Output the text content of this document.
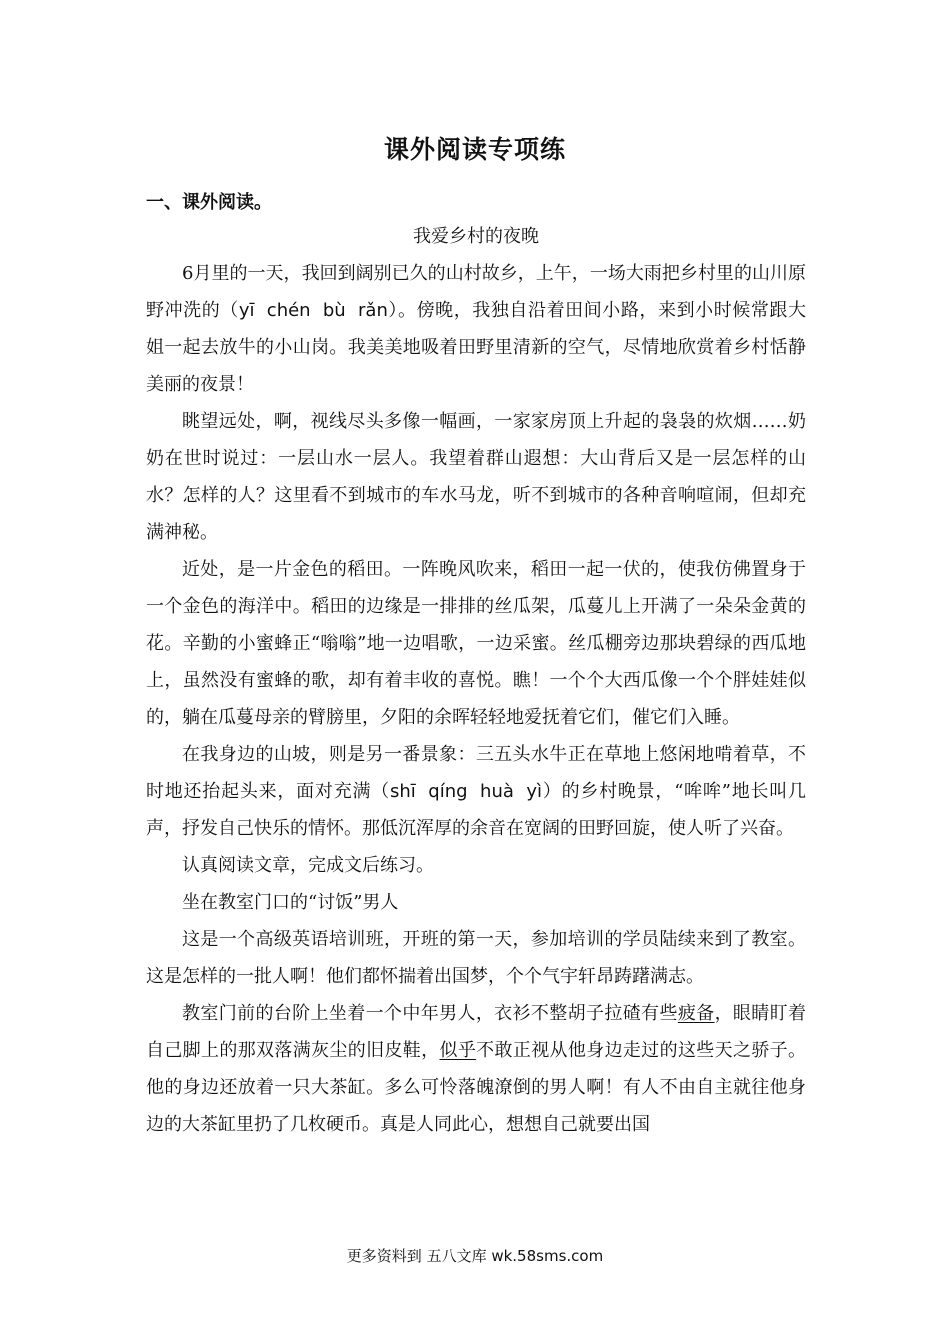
课外阅读专项练
一、课外阅读。

我爱乡村的夜晚

6月里的一天，我回到阔别已久的山村故乡，上午，一场大雨把乡村里的山川原野冲洗的（yī chén bù rǎn）。傍晚，我独自沿着田间小路，来到小时候常跟大姐一起去放牛的小山岗。我美美地吸着田野里清新的空气，尽情地欣赏着乡村恬静美丽的夜景！

眺望远处，啊，视线尽头多像一幅画，一家家房顶上升起的袅袅的炊烟……奶奶在世时说过：一层山水一层人。我望着群山遐想：大山背后又是一层怎样的山水？怎样的人？这里看不到城市的车水马龙，听不到城市的各种音响喧闹，但却充满神秘。

近处，是一片金色的稻田。一阵晚风吹来，稻田一起一伏的，使我仿佛置身于一个金色的海洋中。稻田的边缘是一排排的丝瓜架，瓜蔓儿上开满了一朵朵金黄的花。辛勤的小蜜蜂正“嗡嗡”地一边唱歌，一边采蜜。丝瓜棚旁边那块碧绿的西瓜地上，虽然没有蜜蜂的歌，却有着丰收的喜悦。瞧！一个个大西瓜像一个个胖娃娃似的，躺在瓜蔓母亲的臂膀里，夕阳的余晖轻轻地爱抚着它们，催它们入睡。

在我身边的山坡，则是另一番景象：三五头水牛正在草地上悠闲地啃着草，不时地还抬起头来，面对充满（shī qíng huà yì）的乡村晚景，“哞哞”地长叫几声，抒发自己快乐的情怀。那低沉浑厚的余音在宽阔的田野回旋，使人听了兴奋。

认真阅读文章，完成文后练习。

坐在教室门口的“讨饭”男人

这是一个高级英语培训班，开班的第一天，参加培训的学员陆续来到了教室。这是怎样的一批人啊！他们都怀揣着出国梦，个个气宇轩昂踌躇满志。

教室门前的台阶上坐着一个中年男人，衣衫不整胡子拉碴有些疲备，眼睛盯着自己脚上的那双落满灰尘的旧皮鞋，似乎不敢正视从他身边走过的这些天之骄子。他的身边还放着一只大茶缸。多么可怜落魄潦倒的男人啊！有人不由自主就往他身边的大茶缸里扔了几枚硬币。真是人同此心，想想自己就要出国

更多资料到 五八文库 wk.58sms.com
